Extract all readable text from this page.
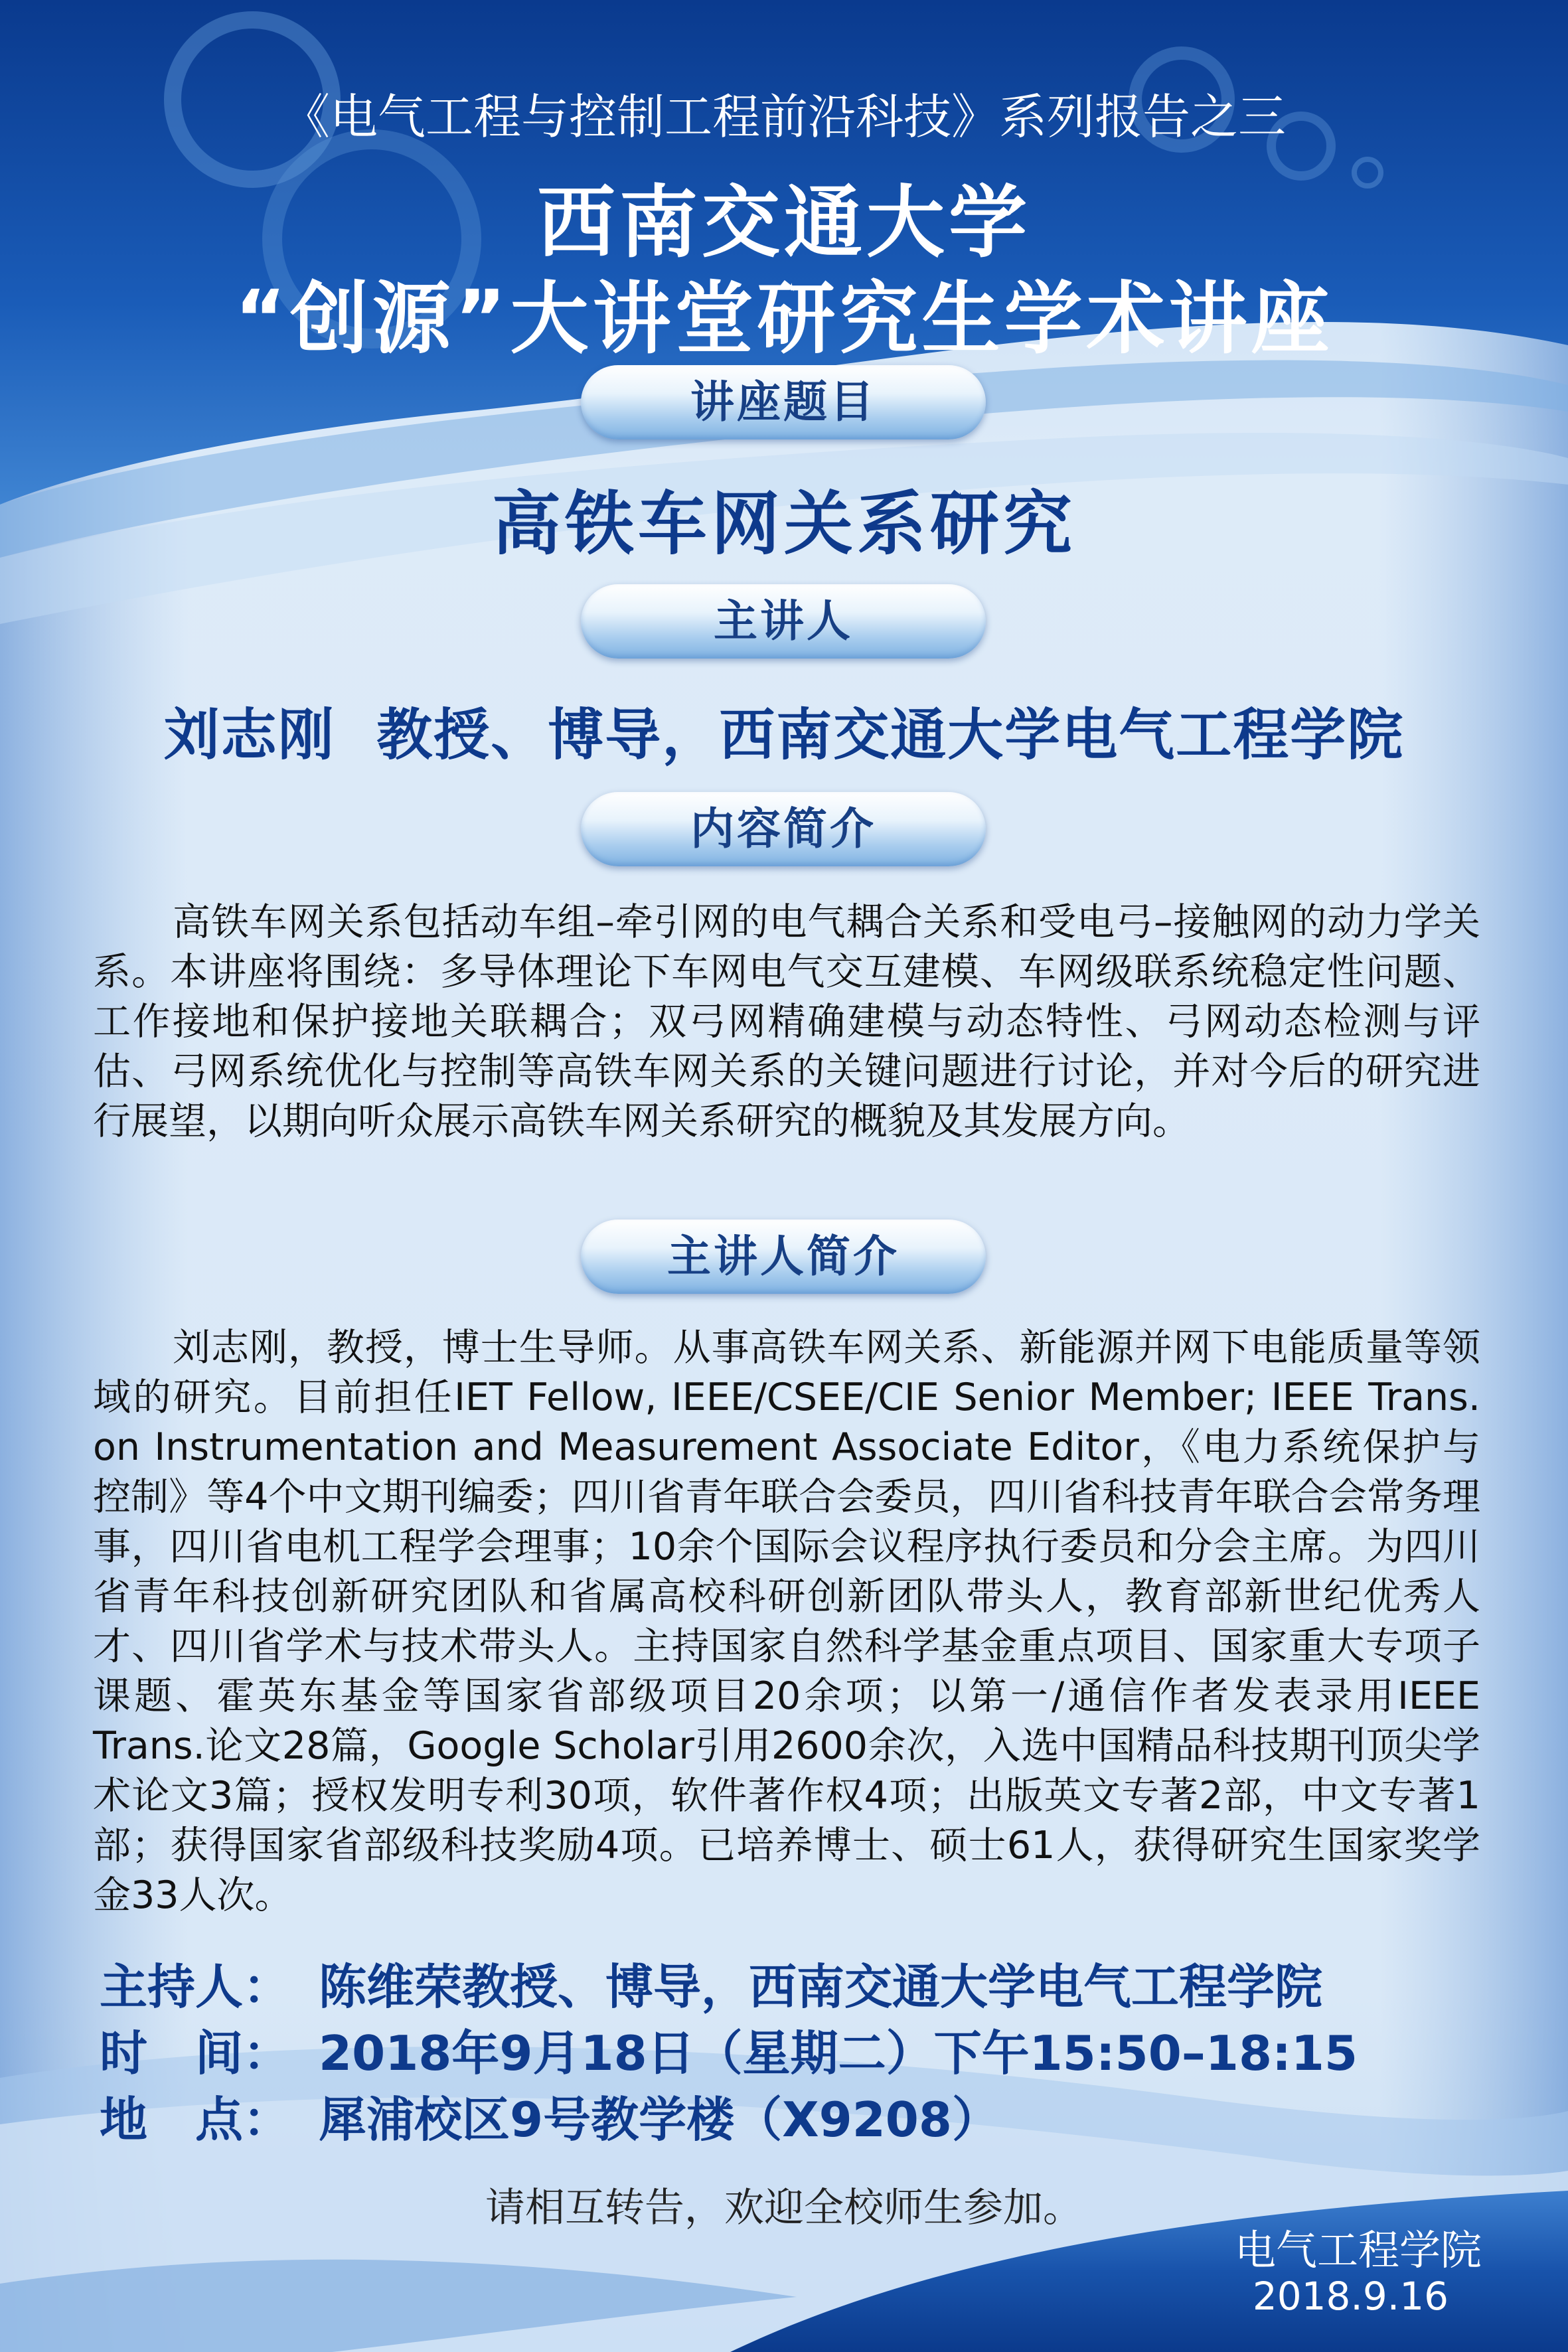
《电气工程与控制工程前沿科技》系列报告之三
西南交通大学
“创源”大讲堂研究生学术讲座
讲座题目
高铁车网关系研究
主讲人
刘志刚  教授、博导，西南交通大学电气工程学院
内容简介
高铁车网关系包括动车组–牵引网的电气耦合关系和受电弓–接触网的动力学关系。本讲座将围绕：多导体理论下车网电气交互建模、车网级联系统稳定性问题、工作接地和保护接地关联耦合；双弓网精确建模与动态特性、弓网动态检测与评估、弓网系统优化与控制等高铁车网关系的关键问题进行讨论，并对今后的研究进行展望，以期向听众展示高铁车网关系研究的概貌及其发展方向。
主讲人简介
刘志刚，教授，博士生导师。从事高铁车网关系、新能源并网下电能质量等领域的研究。目前担任IET Fellow, IEEE/CSEE/CIE Senior Member; IEEE Trans. on Instrumentation and Measurement Associate Editor，《电力系统保护与控制》等4个中文期刊编委；四川省青年联合会委员，四川省科技青年联合会常务理事，四川省电机工程学会理事；10余个国际会议程序执行委员和分会主席。为四川省青年科技创新研究团队和省属高校科研创新团队带头人，教育部新世纪优秀人才、四川省学术与技术带头人。主持国家自然科学基金重点项目、国家重大专项子课题、霍英东基金等国家省部级项目20余项；以第一/通信作者发表录用IEEE Trans.论文28篇，Google Scholar引用2600余次，入选中国精品科技期刊顶尖学术论文3篇；授权发明专利30项，软件著作权4项；出版英文专著2部，中文专著1部；获得国家省部级科技奖励4项。已培养博士、硕士61人，获得研究生国家奖学金33人次。
主持人： 陈维荣教授、博导，西南交通大学电气工程学院
时　间： 2018年9月18日（星期二）下午15:50–18:15
地　点： 犀浦校区9号教学楼（X9208）
请相互转告，欢迎全校师生参加。
电气工程学院
2018.9.16
